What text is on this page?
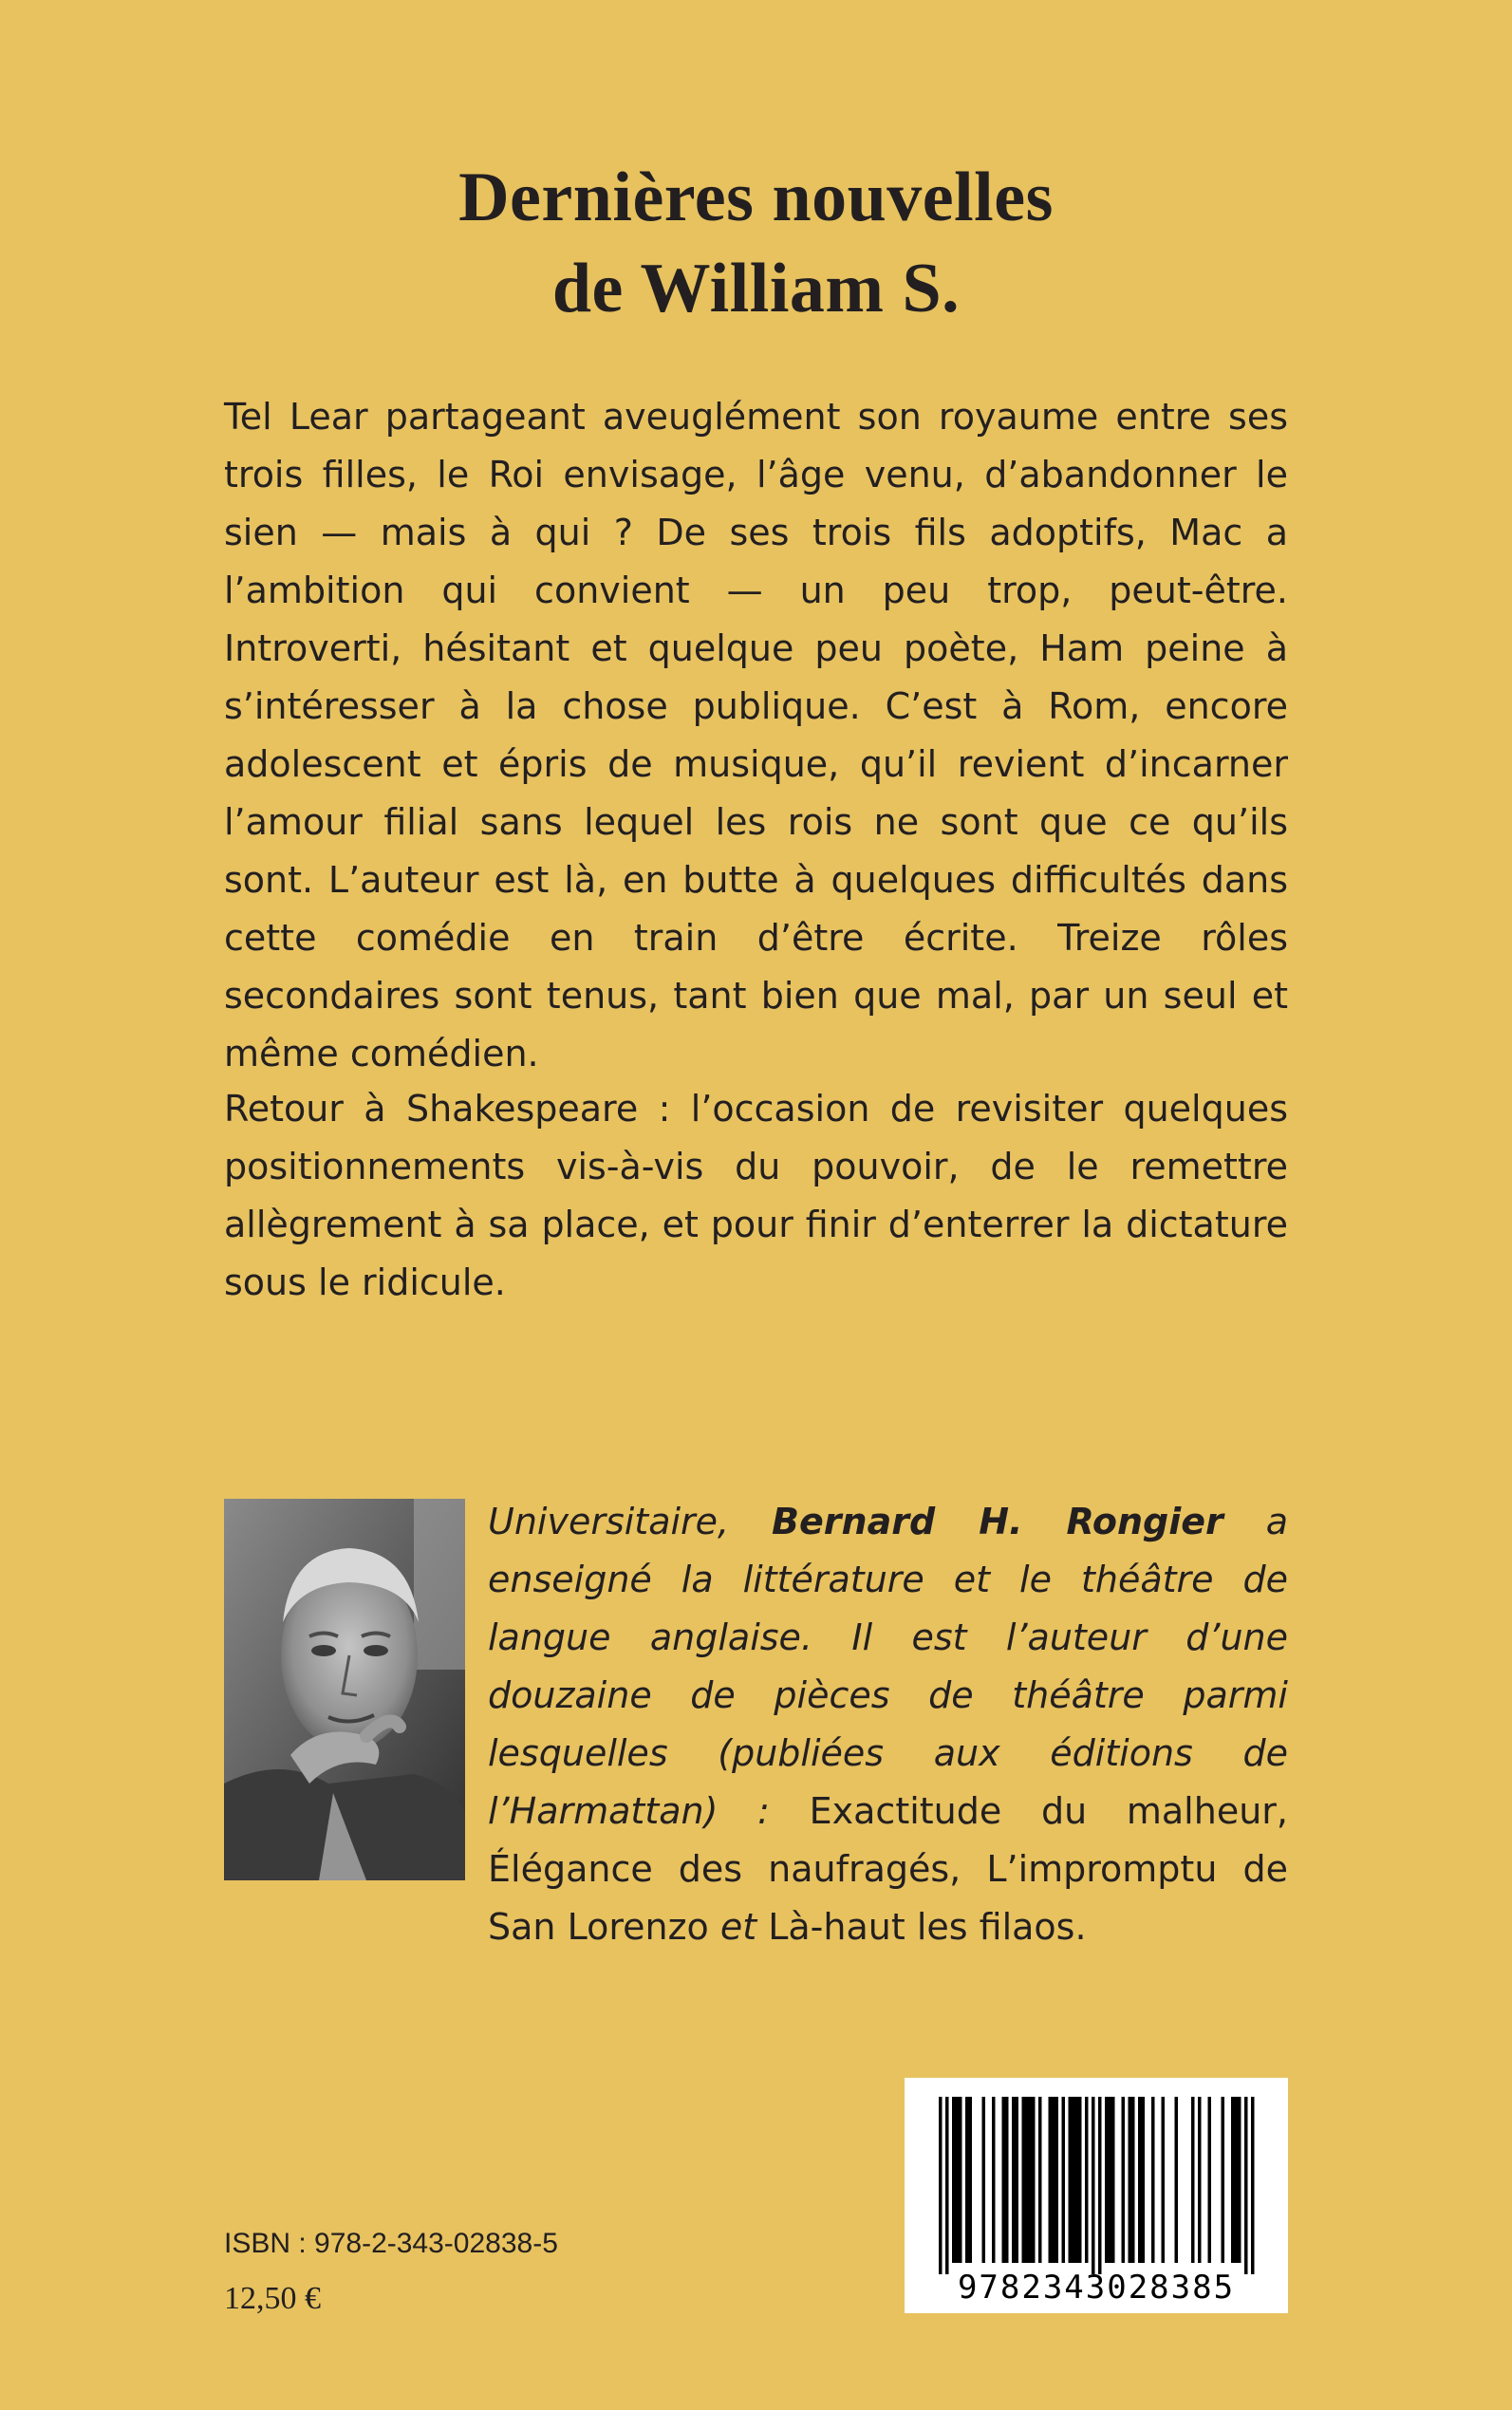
Dernières nouvelles
de William S.

Tel Lear partageant aveuglément son royaume entre ses trois filles, le Roi envisage, l’âge venu, d’abandonner le sien — mais à qui ? De ses trois fils adoptifs, Mac a l’ambition qui convient — un peu trop, peut-être. Introverti, hésitant et quelque peu poète, Ham peine à s’intéresser à la chose publique. C’est à Rom, encore adolescent et épris de musique, qu’il revient d’incarner l’amour filial sans lequel les rois ne sont que ce qu’ils sont. L’auteur est là, en butte à quelques difficultés dans cette comédie en train d’être écrite. Treize rôles secondaires sont tenus, tant bien que mal, par un seul et même comédien.

Retour à Shakespeare : l’occasion de revisiter quelques positionnements vis-à-vis du pouvoir, de le remettre allègrement à sa place, et pour finir d’enterrer la dictature sous le ridicule.

Universitaire, Bernard H. Rongier a enseigné la littérature et le théâtre de langue anglaise. Il est l’auteur d’une douzaine de pièces de théâtre parmi lesquelles (publiées aux éditions de l’Harmattan) : Exactitude du malheur, Élégance des naufragés, L’impromptu de San Lorenzo et Là-haut les filaos.

9782343028385
ISBN : 978-2-343-02838-5
12,50 €
